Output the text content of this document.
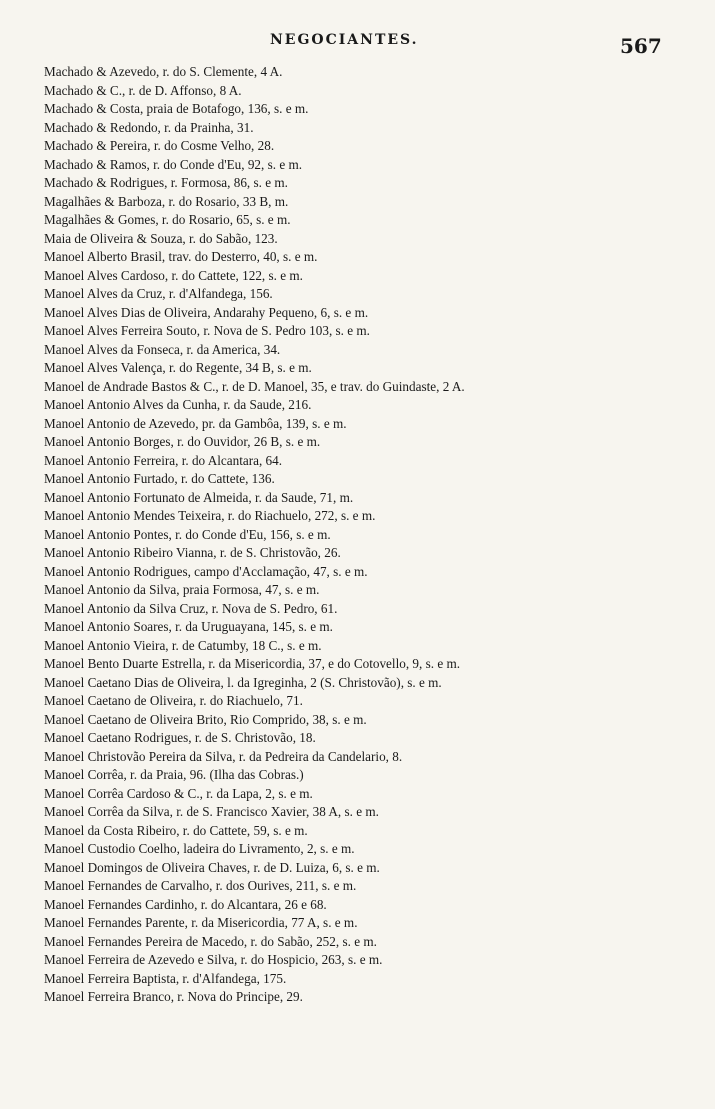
NEGOCIANTES.	567
Machado & Azevedo, r. do S. Clemente, 4 A.
Machado & C., r. de D. Affonso, 8 A.
Machado & Costa, praia de Botafogo, 136, s. e m.
Machado & Redondo, r. da Prainha, 31.
Machado & Pereira, r. do Cosme Velho, 28.
Machado & Ramos, r. do Conde d'Eu, 92, s. e m.
Machado & Rodrigues, r. Formosa, 86, s. e m.
Magalhães & Barboza, r. do Rosario, 33 B, m.
Magalhães & Gomes, r. do Rosario, 65, s. e m.
Maia de Oliveira & Souza, r. do Sabão, 123.
Manoel Alberto Brasil, trav. do Desterro, 40, s. e m.
Manoel Alves Cardoso, r. do Cattete, 122, s. e m.
Manoel Alves da Cruz, r. d'Alfandega, 156.
Manoel Alves Dias de Oliveira, Andarahy Pequeno, 6, s. e m.
Manoel Alves Ferreira Souto, r. Nova de S. Pedro 103, s. e m.
Manoel Alves da Fonseca, r. da America, 34.
Manoel Alves Valença, r. do Regente, 34 B, s. e m.
Manoel de Andrade Bastos & C., r. de D. Manoel, 35, e trav. do Guindaste, 2 A.
Manoel Antonio Alves da Cunha, r. da Saude, 216.
Manoel Antonio de Azevedo, pr. da Gambôa, 139, s. e m.
Manoel Antonio Borges, r. do Ouvidor, 26 B, s. e m.
Manoel Antonio Ferreira, r. do Alcantara, 64.
Manoel Antonio Furtado, r. do Cattete, 136.
Manoel Antonio Fortunato de Almeida, r. da Saude, 71, m.
Manoel Antonio Mendes Teixeira, r. do Riachuelo, 272, s. e m.
Manoel Antonio Pontes, r. do Conde d'Eu, 156, s. e m.
Manoel Antonio Ribeiro Vianna, r. de S. Christovão, 26.
Manoel Antonio Rodrigues, campo d'Acclamação, 47, s. e m.
Manoel Antonio da Silva, praia Formosa, 47, s. e m.
Manoel Antonio da Silva Cruz, r. Nova de S. Pedro, 61.
Manoel Antonio Soares, r. da Uruguayana, 145, s. e m.
Manoel Antonio Vieira, r. de Catumby, 18 C., s. e m.
Manoel Bento Duarte Estrella, r. da Misericordia, 37, e do Cotovello, 9, s. e m.
Manoel Caetano Dias de Oliveira, l. da Igreginha, 2 (S. Christovão), s. e m.
Manoel Caetano de Oliveira, r. do Riachuelo, 71.
Manoel Caetano de Oliveira Brito, Rio Comprido, 38, s. e m.
Manoel Caetano Rodrigues, r. de S. Christovão, 18.
Manoel Christovão Pereira da Silva, r. da Pedreira da Candelario, 8.
Manoel Corrêa, r. da Praia, 96. (Ilha das Cobras.)
Manoel Corrêa Cardoso & C., r. da Lapa, 2, s. e m.
Manoel Corrêa da Silva, r. de S. Francisco Xavier, 38 A, s. e m.
Manoel da Costa Ribeiro, r. do Cattete, 59, s. e m.
Manoel Custodio Coelho, ladeira do Livramento, 2, s. e m.
Manoel Domingos de Oliveira Chaves, r. de D. Luiza, 6, s. e m.
Manoel Fernandes de Carvalho, r. dos Ourives, 211, s. e m.
Manoel Fernandes Cardinho, r. do Alcantara, 26 e 68.
Manoel Fernandes Parente, r. da Misericordia, 77 A, s. e m.
Manoel Fernandes Pereira de Macedo, r. do Sabão, 252, s. e m.
Manoel Ferreira de Azevedo e Silva, r. do Hospicio, 263, s. e m.
Manoel Ferreira Baptista, r. d'Alfandega, 175.
Manoel Ferreira Branco, r. Nova do Principe, 29.
